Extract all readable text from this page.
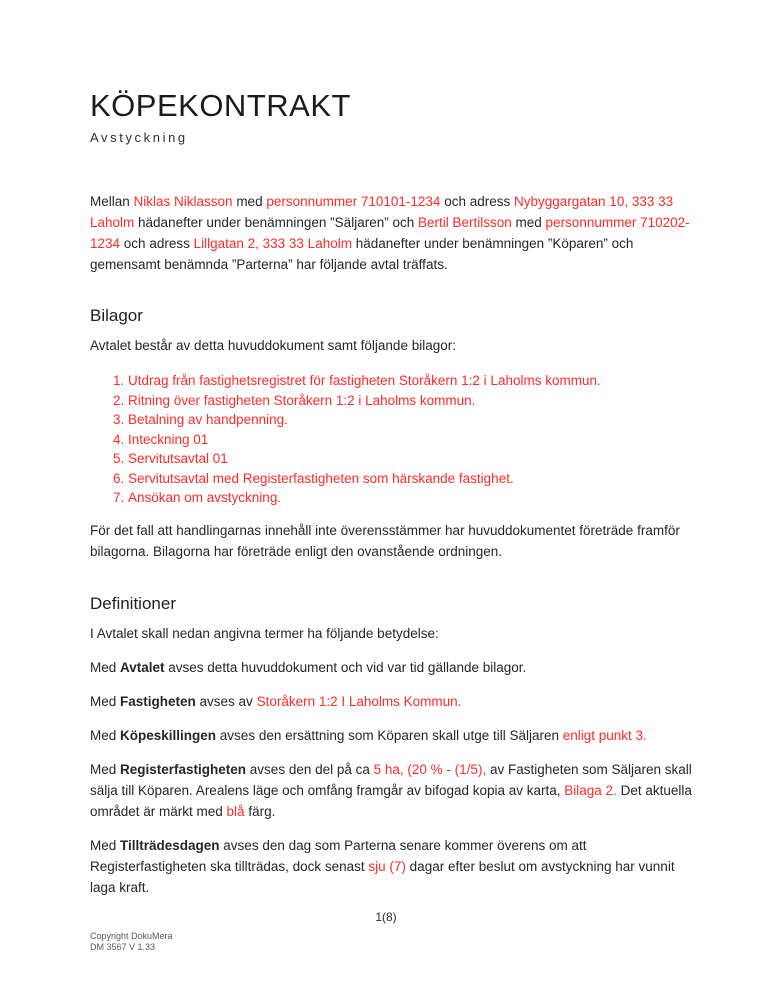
KÖPEKONTRAKT
Avstyckning

Mellan Niklas Niklasson med personnummer 710101-1234 och adress Nybyggargatan 10, 333 33 Laholm hädanefter under benämningen ”Säljaren” och Bertil Bertilsson med personnummer 710202-1234 och adress Lillgatan 2, 333 33 Laholm hädanefter under benämningen ”Köparen” och gemensamt benämnda ”Parterna” har följande avtal träffats.

Bilagor

Avtalet består av detta huvuddokument samt följande bilagor:

1. Utdrag från fastighetsregistret för fastigheten Storåkern 1:2 i Laholms kommun.
2. Ritning över fastigheten Storåkern 1:2 i Laholms kommun.
3. Betalning av handpenning.
4. Inteckning 01
5. Servitutsavtal 01
6. Servitutsavtal med Registerfastigheten som härskande fastighet.
7. Ansökan om avstyckning.

För det fall att handlingarnas innehåll inte överensstämmer har huvuddokumentet företräde framför bilagorna. Bilagorna har företräde enligt den ovanstående ordningen.

Definitioner

I Avtalet skall nedan angivna termer ha följande betydelse:

Med Avtalet avses detta huvuddokument och vid var tid gällande bilagor.

Med Fastigheten avses av Storåkern 1:2 I Laholms Kommun.

Med Köpeskillingen avses den ersättning som Köparen skall utge till Säljaren enligt punkt 3.

Med Registerfastigheten avses den del på ca 5 ha, (20 % - (1/5), av Fastigheten som Säljaren skall sälja till Köparen. Arealens läge och omfång framgår av bifogad kopia av karta, Bilaga 2. Det aktuella området är märkt med blå färg.

Med Tillträdesdagen avses den dag som Parterna senare kommer överens om att Registerfastigheten ska tillträdas, dock senast sju (7) dagar efter beslut om avstyckning har vunnit laga kraft.

1(8)
Copyright DokuMera
DM 3567 V 1.33
